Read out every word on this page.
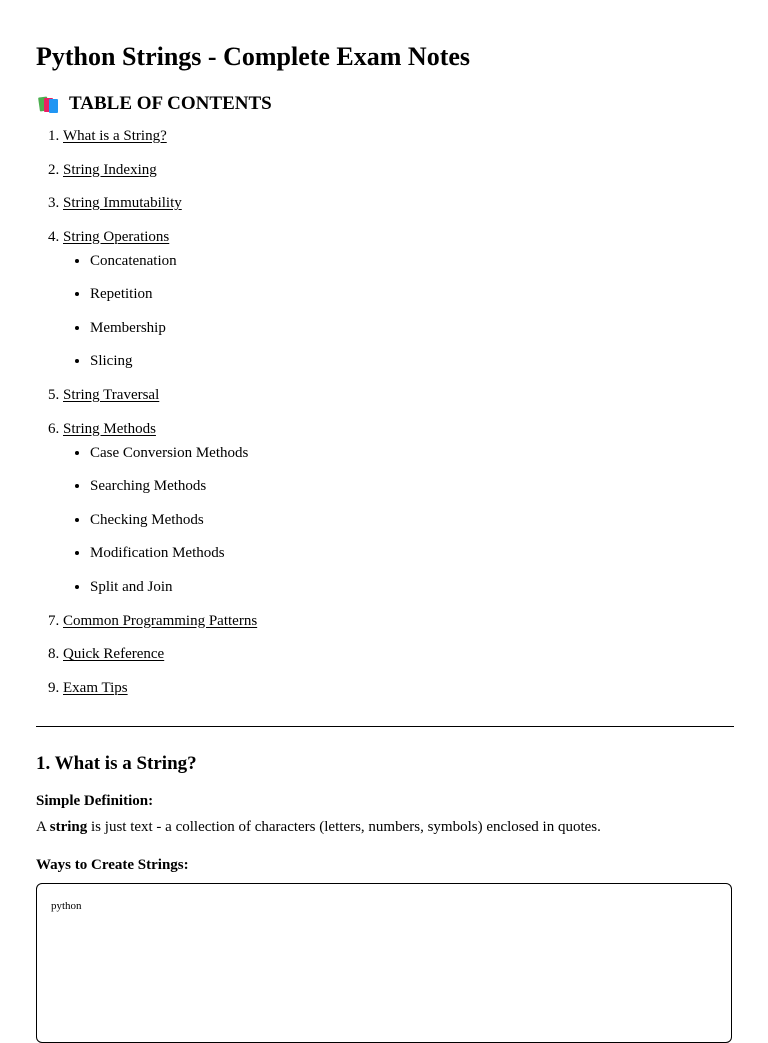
Python Strings - Complete Exam Notes
TABLE OF CONTENTS
1. What is a String?
2. String Indexing
3. String Immutability
4. String Operations
• Concatenation
• Repetition
• Membership
• Slicing
5. String Traversal
6. String Methods
• Case Conversion Methods
• Searching Methods
• Checking Methods
• Modification Methods
• Split and Join
7. Common Programming Patterns
8. Quick Reference
9. Exam Tips
1. What is a String?
Simple Definition:

A string is just text - a collection of characters (letters, numbers, symbols) enclosed in quotes.

Ways to Create Strings:
python
